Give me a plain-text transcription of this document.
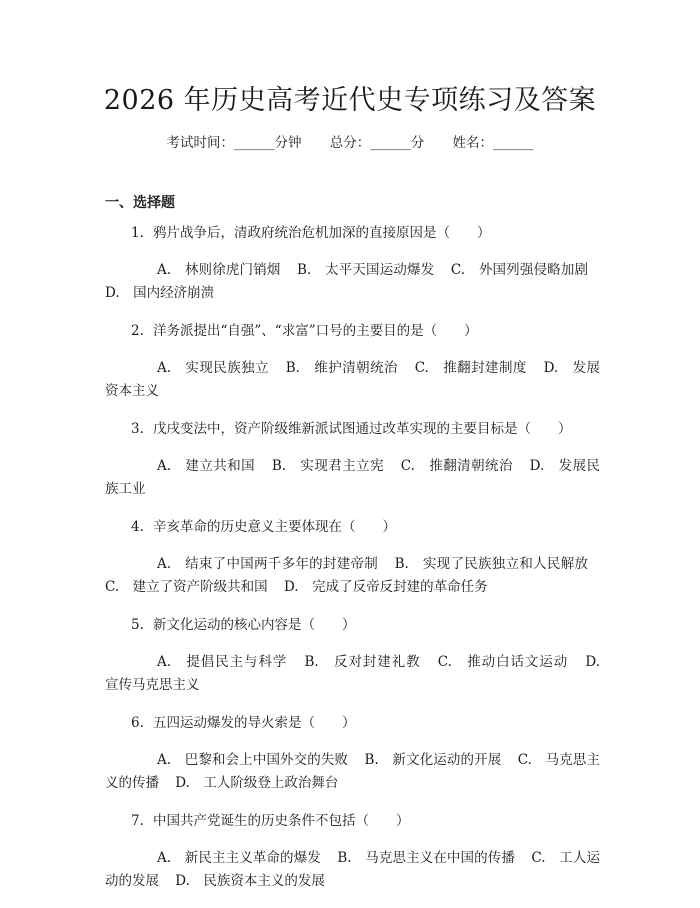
2026 年历史高考近代史专项练习及答案
考试时间：______分钟 总分：______分 姓名：______
一、选择题
1. 鸦片战争后，清政府统治危机加深的直接原因是（　　）
A.　林则徐虎门销烟 B.　太平天国运动爆发 C.　外国列强侵略加剧 D.　国内经济崩溃
2. 洋务派提出“自强”、“求富”口号的主要目的是（　　）
A.　实现民族独立 B.　维护清朝统治 C.　推翻封建制度 D.　发展资本主义
3. 戊戌变法中，资产阶级维新派试图通过改革实现的主要目标是（　　）
A.　建立共和国 B.　实现君主立宪 C.　推翻清朝统治 D.　发展民族工业
4. 辛亥革命的历史意义主要体现在（　　）
A.　结束了中国两千多年的封建帝制 B.　实现了民族独立和人民解放 C.　建立了资产阶级共和国 D.　完成了反帝反封建的革命任务
5. 新文化运动的核心内容是（　　）
A.　提倡民主与科学 B.　反对封建礼教 C.　推动白话文运动 D.　宣传马克思主义
6. 五四运动爆发的导火索是（　　）
A.　巴黎和会上中国外交的失败 B.　新文化运动的开展 C.　马克思主义的传播 D.　工人阶级登上政治舞台
7. 中国共产党诞生的历史条件不包括（　　）
A.　新民主主义革命的爆发 B.　马克思主义在中国的传播 C.　工人运动的发展 D.　民族资本主义的发展
